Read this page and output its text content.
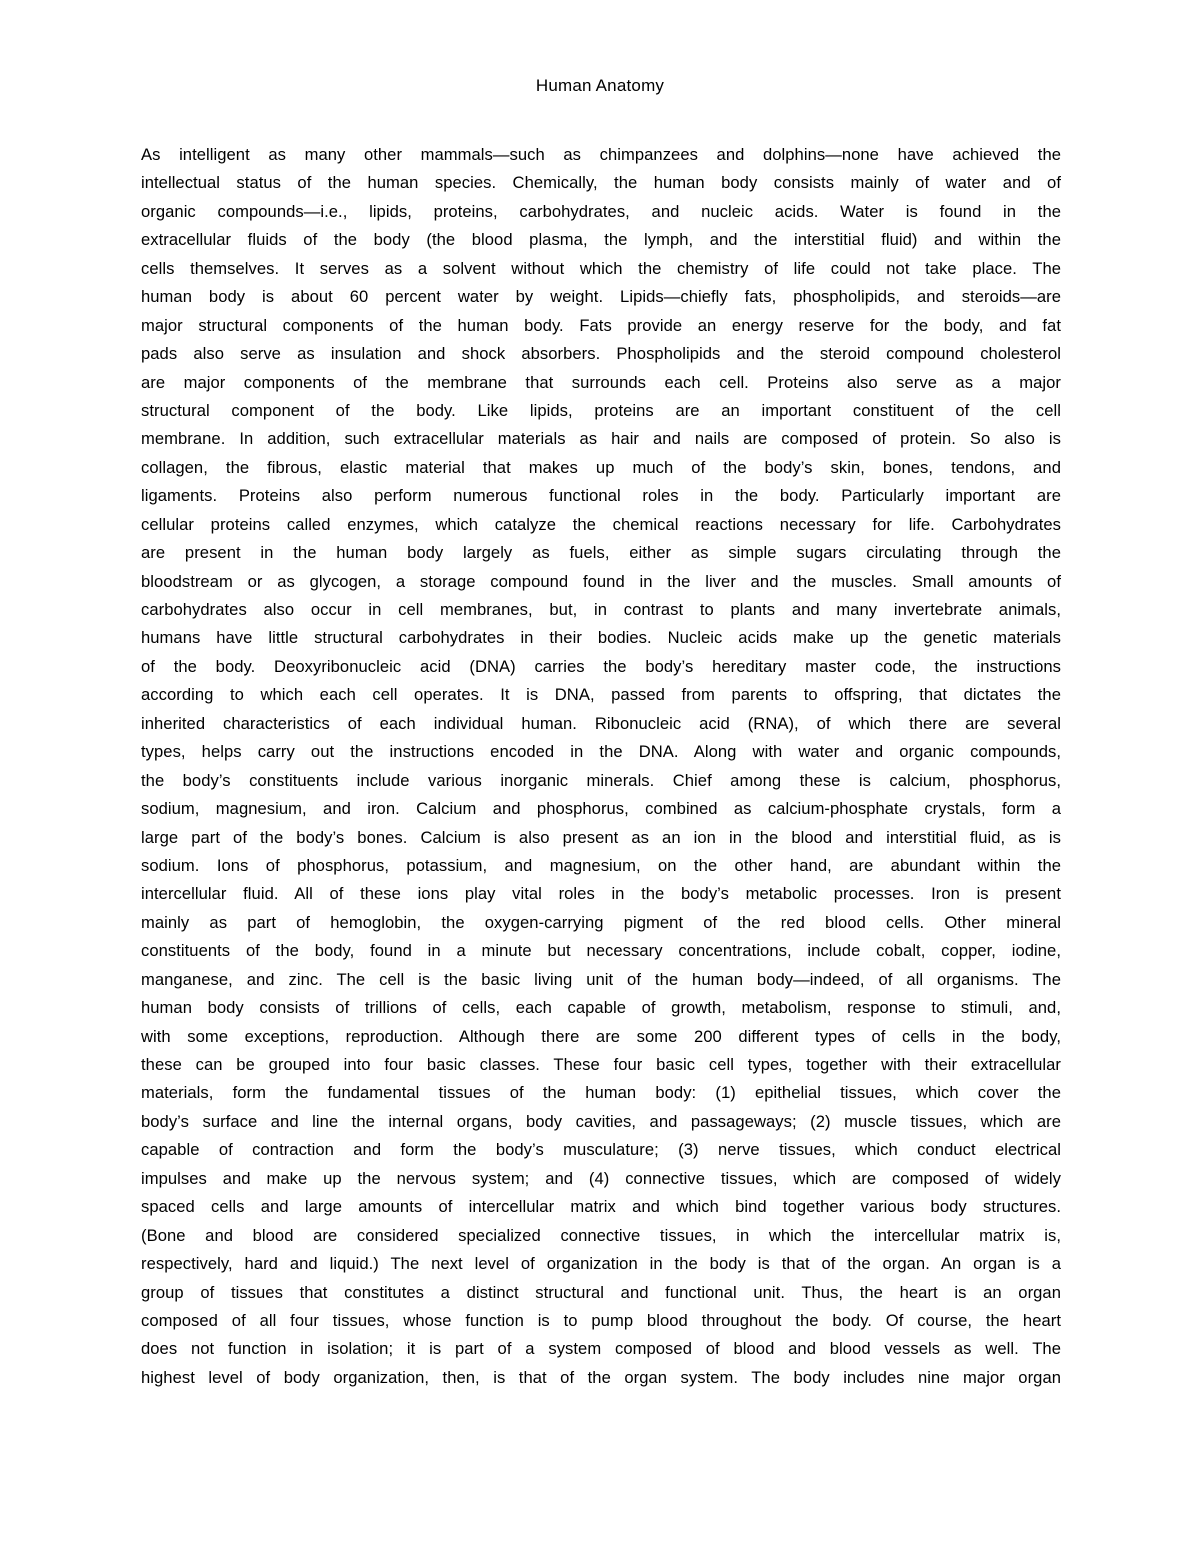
Human Anatomy
As intelligent as many other mammals—such as chimpanzees and dolphins—none have achieved the
intellectual status of the human species. Chemically, the human body consists mainly of water and of
organic compounds—i.e., lipids, proteins, carbohydrates, and nucleic acids. Water is found in the
extracellular fluids of the body (the blood plasma, the lymph, and the interstitial fluid) and within the
cells themselves. It serves as a solvent without which the chemistry of life could not take place. The
human body is about 60 percent water by weight. Lipids—chiefly fats, phospholipids, and steroids—are
major structural components of the human body. Fats provide an energy reserve for the body, and fat
pads also serve as insulation and shock absorbers. Phospholipids and the steroid compound cholesterol
are major components of the membrane that surrounds each cell. Proteins also serve as a major
structural component of the body. Like lipids, proteins are an important constituent of the cell
membrane. In addition, such extracellular materials as hair and nails are composed of protein. So also is
collagen, the fibrous, elastic material that makes up much of the body’s skin, bones, tendons, and
ligaments. Proteins also perform numerous functional roles in the body. Particularly important are
cellular proteins called enzymes, which catalyze the chemical reactions necessary for life. Carbohydrates
are present in the human body largely as fuels, either as simple sugars circulating through the
bloodstream or as glycogen, a storage compound found in the liver and the muscles. Small amounts of
carbohydrates also occur in cell membranes, but, in contrast to plants and many invertebrate animals,
humans have little structural carbohydrates in their bodies. Nucleic acids make up the genetic materials
of the body. Deoxyribonucleic acid (DNA) carries the body’s hereditary master code, the instructions
according to which each cell operates. It is DNA, passed from parents to offspring, that dictates the
inherited characteristics of each individual human. Ribonucleic acid (RNA), of which there are several
types, helps carry out the instructions encoded in the DNA. Along with water and organic compounds,
the body’s constituents include various inorganic minerals. Chief among these is calcium, phosphorus,
sodium, magnesium, and iron. Calcium and phosphorus, combined as calcium-phosphate crystals, form a
large part of the body’s bones. Calcium is also present as an ion in the blood and interstitial fluid, as is
sodium. Ions of phosphorus, potassium, and magnesium, on the other hand, are abundant within the
intercellular fluid. All of these ions play vital roles in the body’s metabolic processes. Iron is present
mainly as part of hemoglobin, the oxygen-carrying pigment of the red blood cells. Other mineral
constituents of the body, found in a minute but necessary concentrations, include cobalt, copper, iodine,
manganese, and zinc. The cell is the basic living unit of the human body—indeed, of all organisms. The
human body consists of trillions of cells, each capable of growth, metabolism, response to stimuli, and,
with some exceptions, reproduction. Although there are some 200 different types of cells in the body,
these can be grouped into four basic classes. These four basic cell types, together with their extracellular
materials, form the fundamental tissues of the human body: (1) epithelial tissues, which cover the
body’s surface and line the internal organs, body cavities, and passageways; (2) muscle tissues, which are
capable of contraction and form the body’s musculature; (3) nerve tissues, which conduct electrical
impulses and make up the nervous system; and (4) connective tissues, which are composed of widely
spaced cells and large amounts of intercellular matrix and which bind together various body structures.
(Bone and blood are considered specialized connective tissues, in which the intercellular matrix is,
respectively, hard and liquid.) The next level of organization in the body is that of the organ. An organ is a
group of tissues that constitutes a distinct structural and functional unit. Thus, the heart is an organ
composed of all four tissues, whose function is to pump blood throughout the body. Of course, the heart
does not function in isolation; it is part of a system composed of blood and blood vessels as well. The
highest level of body organization, then, is that of the organ system. The body includes nine major organ
